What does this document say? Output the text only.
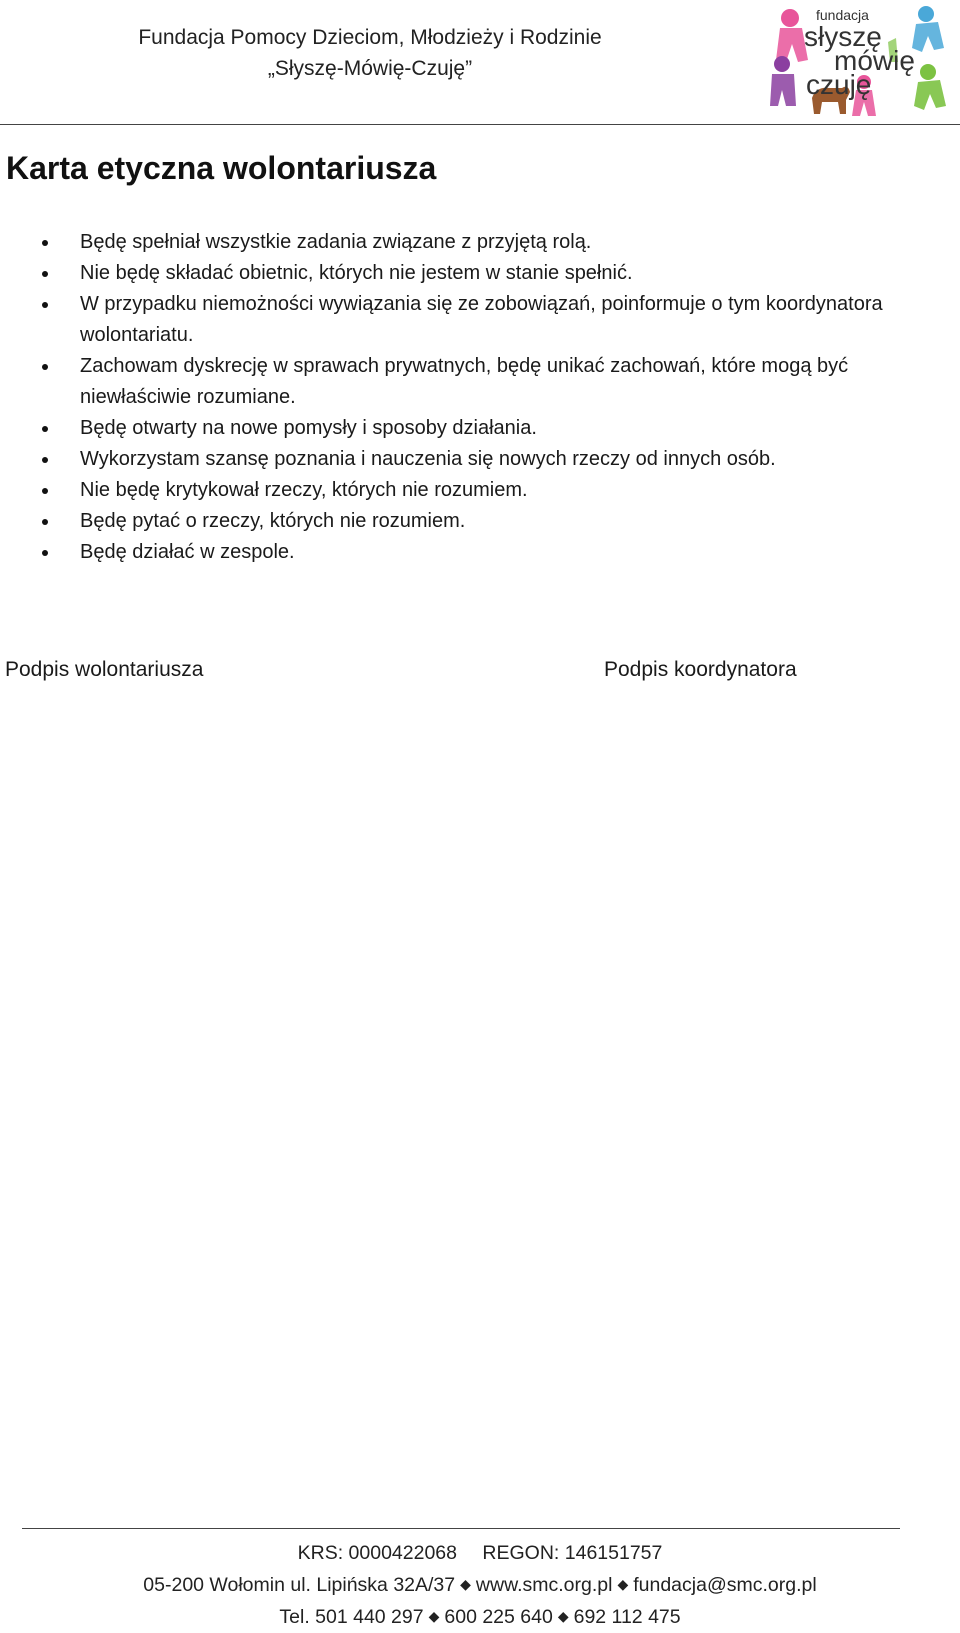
Fundacja Pomocy Dzieciom, Młodzieży i Rodzinie
„Słyszę-Mówię-Czuję”
fundacja
słyszę
mówię
czuję
Karta etyczna wolontariusza
Będę spełniał wszystkie zadania związane z przyjętą rolą.
Nie będę składać obietnic, których nie jestem w stanie spełnić.
W przypadku niemożności wywiązania się ze zobowiązań, poinformuje o tym koordynatora wolontariatu.
Zachowam dyskrecję w sprawach prywatnych, będę unikać zachowań, które mogą być niewłaściwie rozumiane.
Będę otwarty na nowe pomysły i sposoby działania.
Wykorzystam szansę poznania i nauczenia się nowych rzeczy od innych osób.
Nie będę krytykował rzeczy, których nie rozumiem.
Będę pytać o rzeczy, których nie rozumiem.
Będę działać w zespole.
Podpis wolontariusza	Podpis koordynatora
KRS: 0000422068 REGON: 146151757
05-200 Wołomin ul. Lipińska 32A/37 ◆ www.smc.org.pl ◆ fundacja@smc.org.pl
Tel. 501 440 297 ◆ 600 225 640 ◆ 692 112 475
